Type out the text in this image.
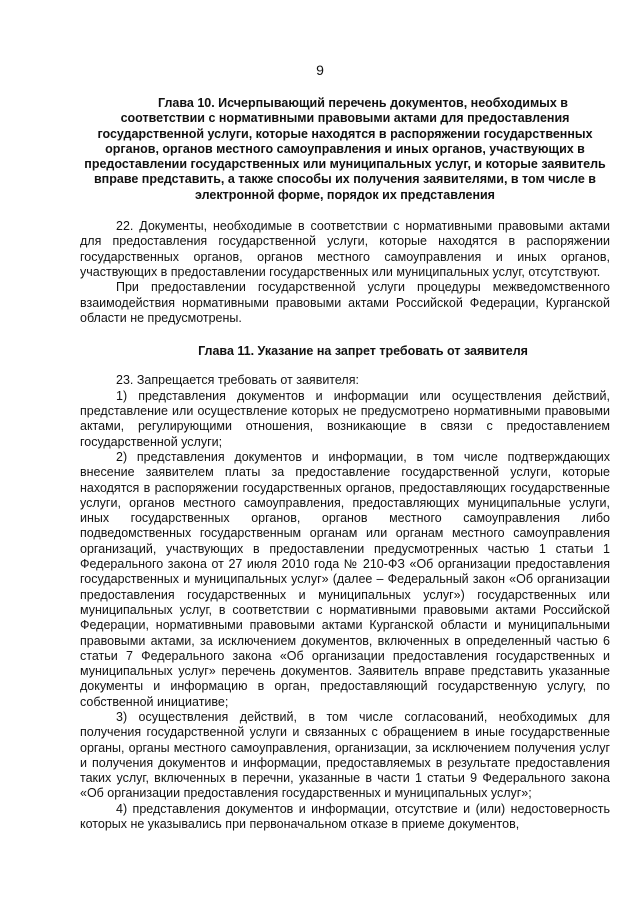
9

Глава 10. Исчерпывающий перечень документов, необходимых в соответствии с нормативными правовыми актами для предоставления государственной услуги, которые находятся в распоряжении государственных органов, органов местного самоуправления и иных органов, участвующих в предоставлении государственных или муниципальных услуг, и которые заявитель вправе представить, а также способы их получения заявителями, в том числе в электронной форме, порядок их представления

22. Документы, необходимые в соответствии с нормативными правовыми актами для предоставления государственной услуги, которые находятся в распоряжении государственных органов, органов местного самоуправления и иных органов, участвующих в предоставлении государственных или муниципальных услуг, отсутствуют.

При предоставлении государственной услуги процедуры межведомственного взаимодействия нормативными правовыми актами Российской Федерации, Курганской области не предусмотрены.

Глава 11. Указание на запрет требовать от заявителя

23. Запрещается требовать от заявителя:

1) представления документов и информации или осуществления действий, представление или осуществление которых не предусмотрено нормативными правовыми актами, регулирующими отношения, возникающие в связи с предоставлением государственной услуги;

2) представления документов и информации, в том числе подтверждающих внесение заявителем платы за предоставление государственной услуги, которые находятся в распоряжении государственных органов, предоставляющих государственные услуги, органов местного самоуправления, предоставляющих муниципальные услуги, иных государственных органов, органов местного самоуправления либо подведомственных государственным органам или органам местного самоуправления организаций, участвующих в предоставлении предусмотренных частью 1 статьи 1 Федерального закона от 27 июля 2010 года № 210-ФЗ «Об организации предоставления государственных и муниципальных услуг» (далее – Федеральный закон «Об организации предоставления государственных и муниципальных услуг») государственных или муниципальных услуг, в соответствии с нормативными правовыми актами Российской Федерации, нормативными правовыми актами Курганской области и муниципальными правовыми актами, за исключением документов, включенных в определенный частью 6 статьи 7 Федерального закона «Об организации предоставления государственных и муниципальных услуг» перечень документов. Заявитель вправе представить указанные документы и информацию в орган, предоставляющий государственную услугу, по собственной инициативе;

3) осуществления действий, в том числе согласований, необходимых для получения государственной услуги и связанных с обращением в иные государственные органы, органы местного самоуправления, организации, за исключением получения услуг и получения документов и информации, предоставляемых в результате предоставления таких услуг, включенных в перечни, указанные в части 1 статьи 9 Федерального закона «Об организации предоставления государственных и муниципальных услуг»;

4) представления документов и информации, отсутствие и (или) недостоверность которых не указывались при первоначальном отказе в приеме документов,
